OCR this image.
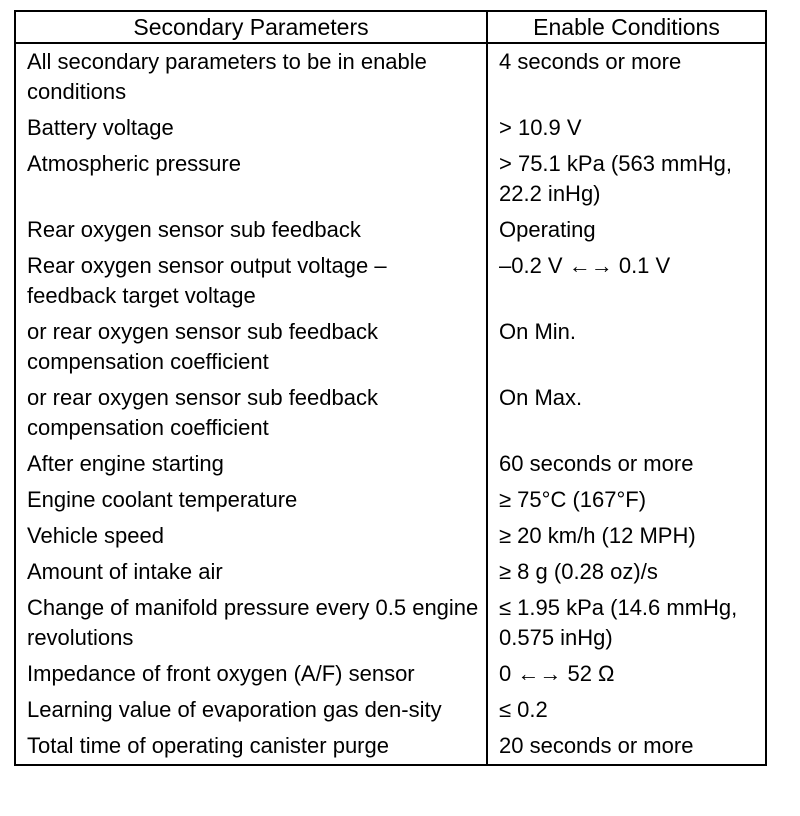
Secondary Parameters	Enable Conditions
All secondary parameters to be in enable conditions	4 seconds or more
Battery voltage	> 10.9 V
Atmospheric pressure	> 75.1 kPa (563 mmHg, 22.2 inHg)
Rear oxygen sensor sub feedback	Operating
Rear oxygen sensor output voltage – feedback target voltage	–0.2 V ←→ 0.1 V
or rear oxygen sensor sub feedback compensation coefficient	On Min.
or rear oxygen sensor sub feedback compensation coefficient	On Max.
After engine starting	60 seconds or more
Engine coolant temperature	≥ 75°C (167°F)
Vehicle speed	≥ 20 km/h (12 MPH)
Amount of intake air	≥ 8 g (0.28 oz)/s
Change of manifold pressure every 0.5 engine revolutions	≤ 1.95 kPa (14.6 mmHg, 0.575 inHg)
Impedance of front oxygen (A/F) sensor	0 ←→ 52 Ω
Learning value of evaporation gas den-sity	≤ 0.2
Total time of operating canister purge	20 seconds or more
